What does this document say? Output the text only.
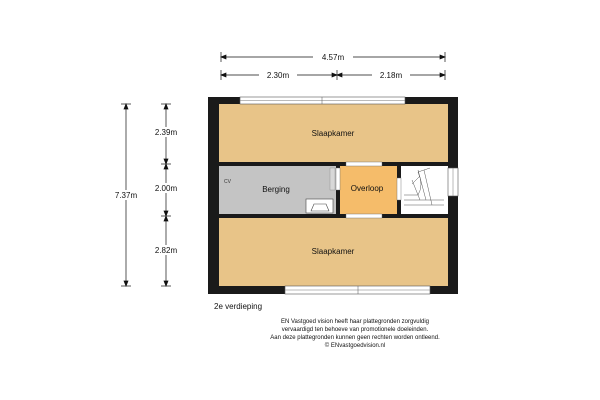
CV
Slaapkamer
Berging	Overloop
Slaapkamer
4.57m
2.30m	2.18m
7.37m
2.39m
2.00m
2.82m
2e verdieping
EN Vastgoed vision heeft haar plattegronden zorgvuldig
vervaardigd ten behoeve van promotionele doeleinden.
Aan deze plattegronden kunnen geen rechten worden ontleend.
© ENvastgoedvision.nl
